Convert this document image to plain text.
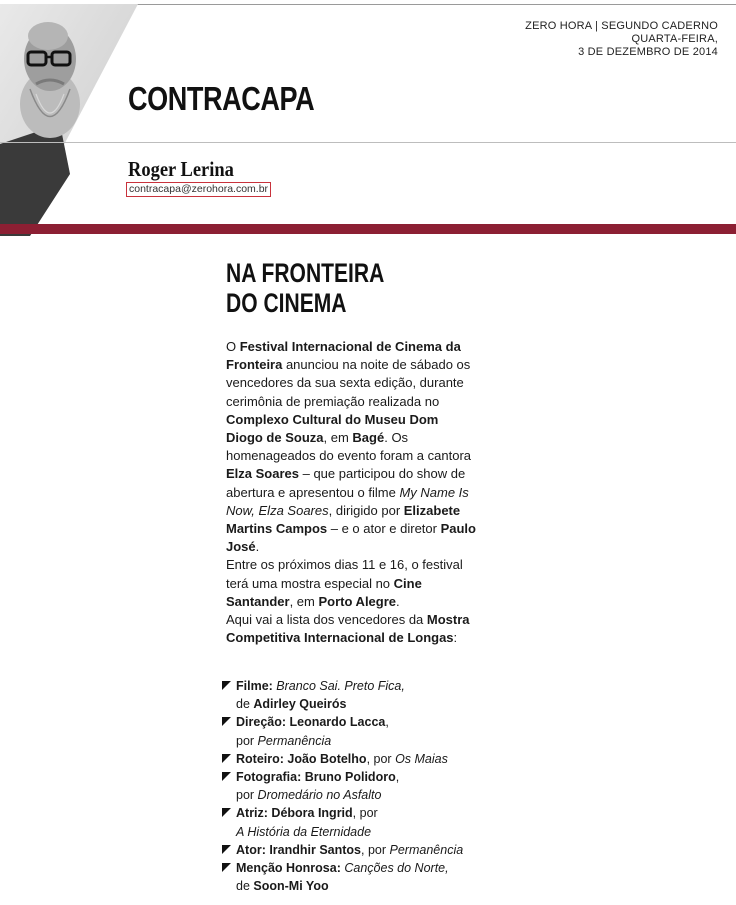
ZERO HORA | SEGUNDO CADERNO
QUARTA-FEIRA,
3 DE DEZEMBRO DE 2014
CONTRACAPA
Roger Lerina
contracapa@zerohora.com.br
NA FRONTEIRA
DO CINEMA
O Festival Internacional de Cinema da Fronteira anunciou na noite de sábado os vencedores da sua sexta edição, durante cerimônia de premiação realizada no Complexo Cultural do Museu Dom Diogo de Souza, em Bagé. Os homenageados do evento foram a cantora Elza Soares – que participou do show de abertura e apresentou o filme My Name Is Now, Elza Soares, dirigido por Elizabete Martins Campos – e o ator e diretor Paulo José.
Entre os próximos dias 11 e 16, o festival terá uma mostra especial no Cine Santander, em Porto Alegre.
Aqui vai a lista dos vencedores da Mostra Competitiva Internacional de Longas:
Filme: Branco Sai. Preto Fica,
de Adirley Queirós
Direção: Leonardo Lacca,
por Permanência
Roteiro: João Botelho, por Os Maias
Fotografia: Bruno Polidoro,
por Dromedário no Asfalto
Atriz: Débora Ingrid, por A História da Eternidade
Ator: Irandhir Santos, por Permanência
Menção Honrosa: Canções do Norte,
de Soon-Mi Yoo
